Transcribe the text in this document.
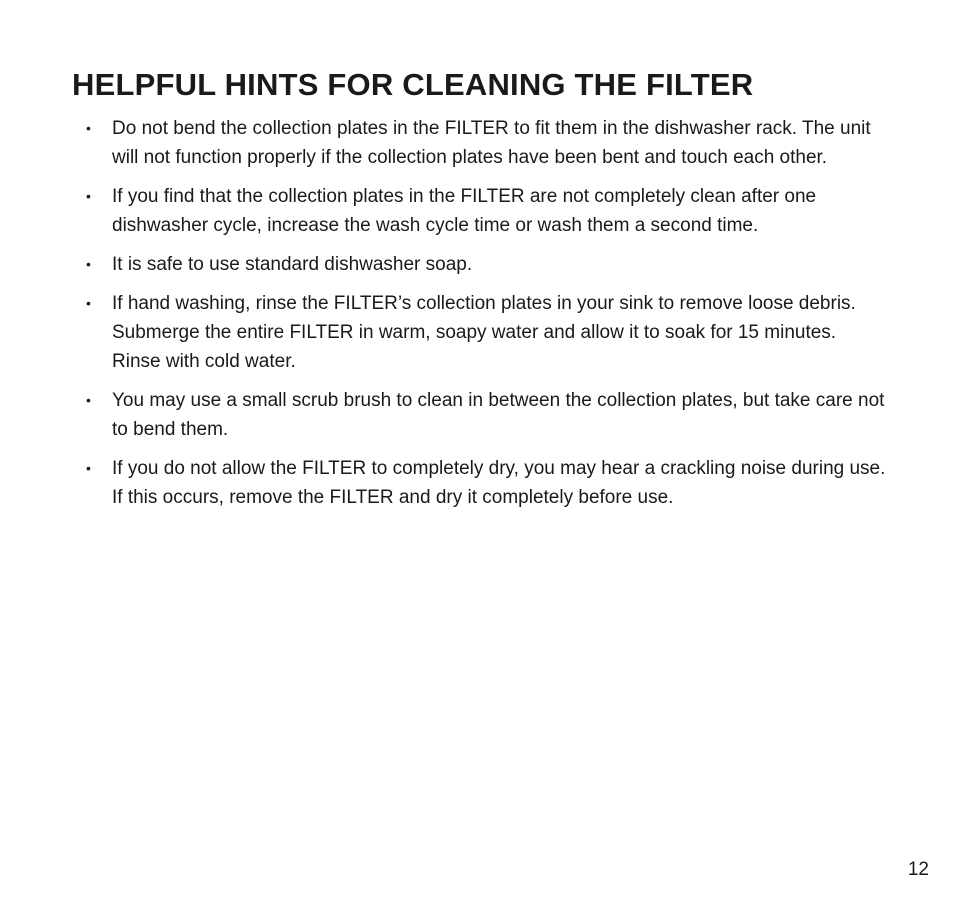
HELPFUL HINTS FOR CLEANING THE FILTER
•	Do not bend the collection plates in the FILTER to fit them in the dishwasher rack. The unit will not function properly if the collection plates have been bent and touch each other.
•	If you find that the collection plates in the FILTER are not completely clean after one dishwasher cycle, increase the wash cycle time or wash them a second time.
•	It is safe to use standard dishwasher soap.
•	If hand washing, rinse the FILTER’s collection plates in your sink to remove loose debris. Submerge the entire FILTER in warm, soapy water and allow it to soak for 15 minutes. Rinse with cold water.
•	You may use a small scrub brush to clean in between the collection plates, but take care not to bend them.
•	If you do not allow the FILTER to completely dry, you may hear a crackling noise during use. If this occurs, remove the FILTER and dry it completely before use.
12
